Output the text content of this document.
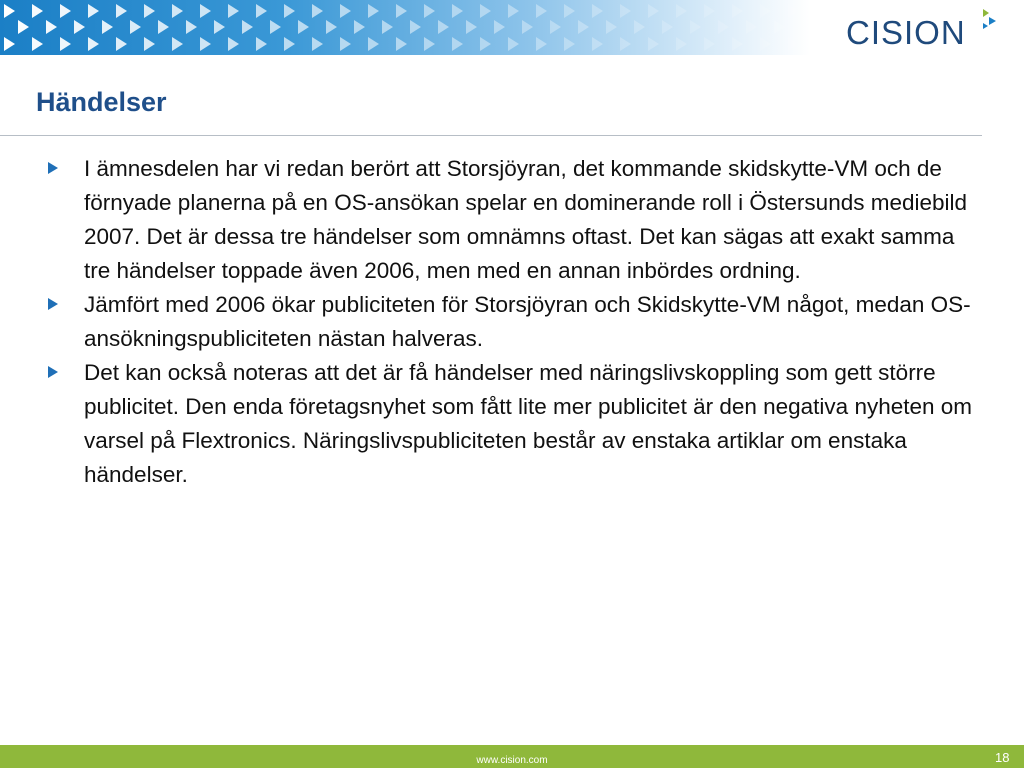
CISION
Händelser
I ämnesdelen har vi redan berört att Storsjöyran, det kommande skidskytte-VM och de förnyade planerna på en OS-ansökan spelar en dominerande roll i Östersunds mediebild 2007. Det är dessa tre händelser som omnämns oftast. Det kan sägas att exakt samma tre händelser toppade även 2006, men med en annan inbördes ordning.
Jämfört med 2006 ökar publiciteten för Storsjöyran och Skidskytte-VM något, medan OS-ansökningspubliciteten nästan halveras.
Det kan också noteras att det är få händelser med näringslivskoppling som gett större publicitet. Den enda företagsnyhet som fått lite mer publicitet är den negativa nyheten om varsel på Flextronics. Näringslivspubliciteten består av enstaka artiklar om enstaka händelser.
www.cision.com	18
